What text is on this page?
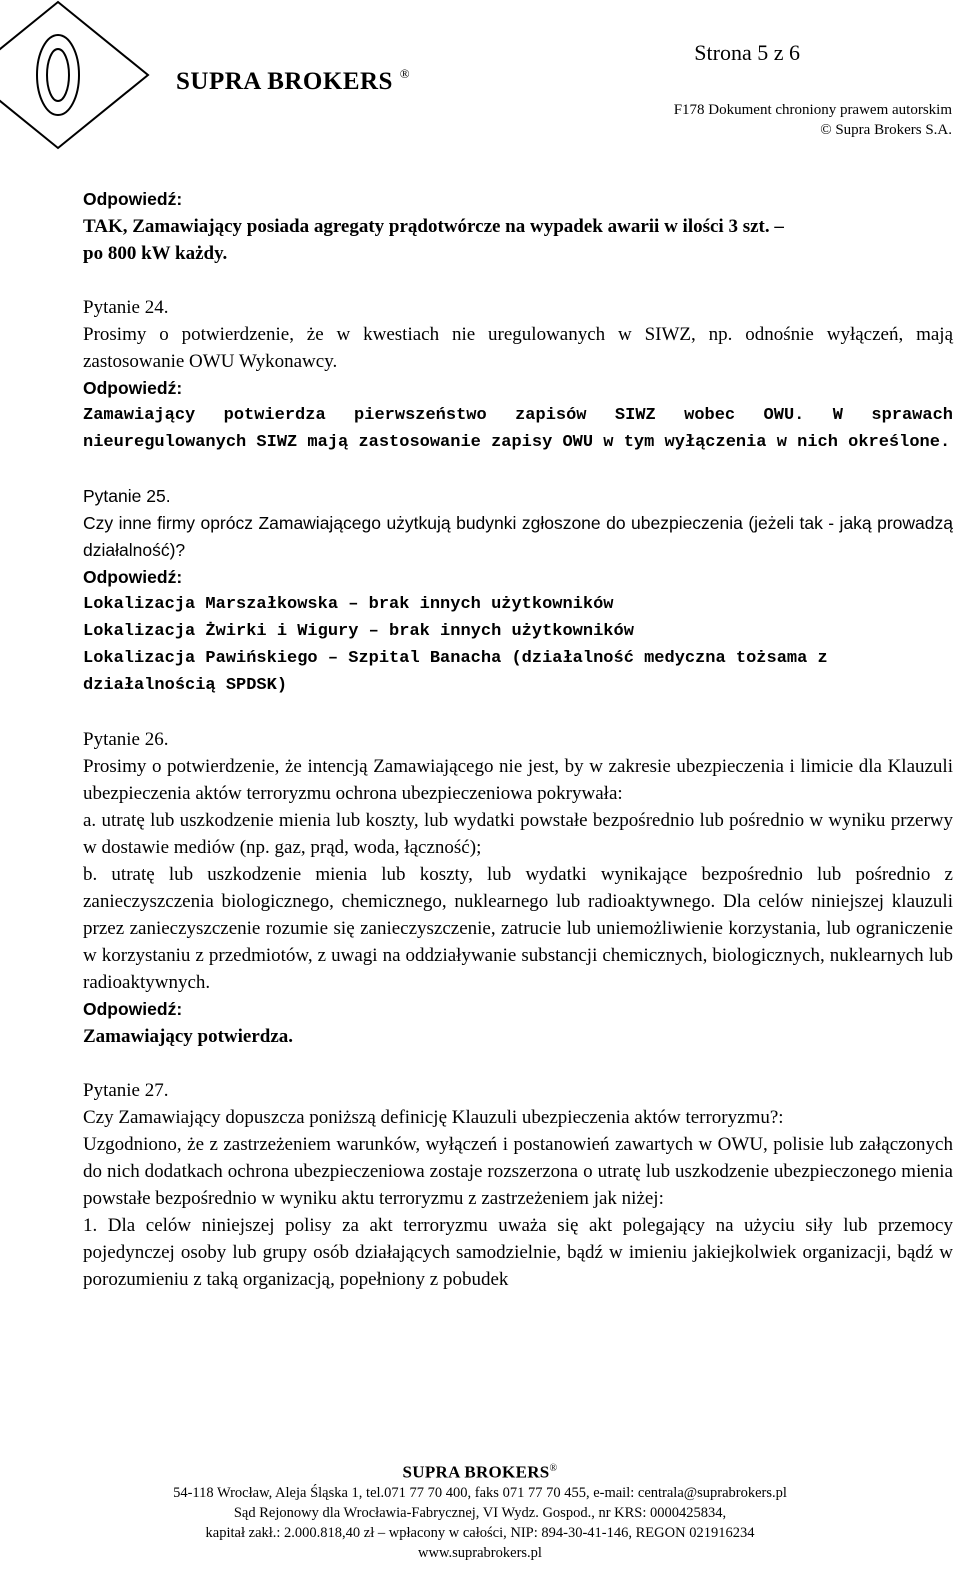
SUPRA BROKERS ®
Strona 5 z 6
F178 Dokument chroniony prawem autorskim
© Supra Brokers S.A.

Odpowiedź:

TAK, Zamawiający posiada agregaty prądotwórcze na wypadek awarii w ilości 3 szt. –

po 800 kW każdy.

Pytanie 24.

Prosimy o potwierdzenie, że w kwestiach nie uregulowanych w SIWZ, np. odnośnie wyłączeń, mają zastosowanie OWU Wykonawcy.

Odpowiedź:

Zamawiający potwierdza pierwszeństwo zapisów SIWZ wobec OWU. W sprawach nieuregulowanych SIWZ mają zastosowanie zapisy OWU w tym wyłączenia w nich określone.

Pytanie 25.

Czy inne firmy oprócz Zamawiającego użytkują budynki zgłoszone do ubezpieczenia (jeżeli tak - jaką prowadzą działalność)?

Odpowiedź:

Lokalizacja Marszałkowska – brak innych użytkowników

Lokalizacja Żwirki i Wigury – brak innych użytkowników

Lokalizacja Pawińskiego – Szpital Banacha (działalność medyczna tożsama z działalnością SPDSK)

Pytanie 26.

Prosimy o potwierdzenie, że intencją Zamawiającego nie jest, by w zakresie ubezpieczenia i limicie dla Klauzuli ubezpieczenia aktów terroryzmu ochrona ubezpieczeniowa pokrywała:

a. utratę lub uszkodzenie mienia lub koszty, lub wydatki powstałe bezpośrednio lub pośrednio w wyniku przerwy w dostawie mediów (np. gaz, prąd, woda, łączność);

b. utratę lub uszkodzenie mienia lub koszty, lub wydatki wynikające bezpośrednio lub pośrednio z zanieczyszczenia biologicznego, chemicznego, nuklearnego lub radioaktywnego. Dla celów niniejszej klauzuli przez zanieczyszczenie rozumie się zanieczyszczenie, zatrucie lub uniemożliwienie korzystania, lub ograniczenie w korzystaniu z przedmiotów, z uwagi na oddziaływanie substancji chemicznych, biologicznych, nuklearnych lub radioaktywnych.

Odpowiedź:

Zamawiający potwierdza.

Pytanie 27.

Czy Zamawiający dopuszcza poniższą definicję Klauzuli ubezpieczenia aktów terroryzmu?:

Uzgodniono, że z zastrzeżeniem warunków, wyłączeń i postanowień zawartych w OWU, polisie lub załączonych do nich dodatkach ochrona ubezpieczeniowa zostaje rozszerzona o utratę lub uszkodzenie ubezpieczonego mienia powstałe bezpośrednio w wyniku aktu terroryzmu z zastrzeżeniem jak niżej:

1. Dla celów niniejszej polisy za akt terroryzmu uważa się akt polegający na użyciu siły lub przemocy pojedynczej osoby lub grupy osób działających samodzielnie, bądź w imieniu jakiejkolwiek organizacji, bądź w porozumieniu z taką organizacją, popełniony z pobudek

SUPRA BROKERS®
54-118 Wrocław, Aleja Śląska 1, tel.071 77 70 400, faks 071 77 70 455, e-mail: centrala@suprabrokers.pl
Sąd Rejonowy dla Wrocławia-Fabrycznej, VI Wydz. Gospod., nr KRS: 0000425834,
kapitał zakł.: 2.000.818,40 zł – wpłacony w całości, NIP: 894-30-41-146, REGON 021916234
www.suprabrokers.pl
